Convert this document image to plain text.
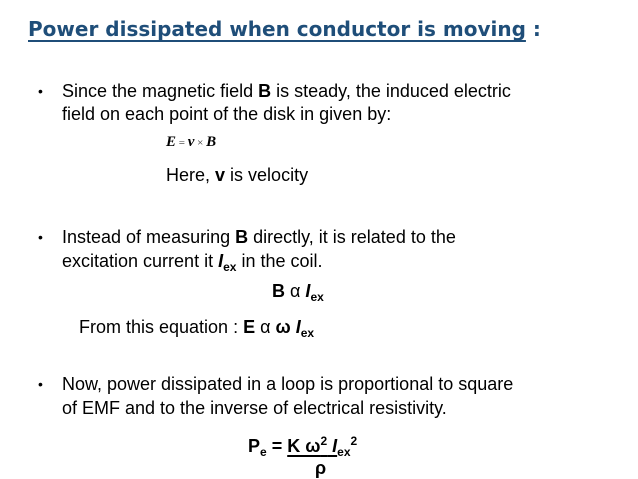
Power dissipated when conductor is moving :
• Since the magnetic field B is steady, the induced electric
field on each point of the disk in given by:
E = v × B
Here, v is velocity
• Instead of measuring B directly, it is related to the
excitation current it $I_{ex}$ in the coil.
B α $I_{ex}$
From this equation : E α ω $I_{ex}$
• Now, power dissipated in a loop is proportional to square
of EMF and to the inverse of electrical resistivity.
$P_e = K$ $\omega^2$ $I_{ex}^2$
ρ
